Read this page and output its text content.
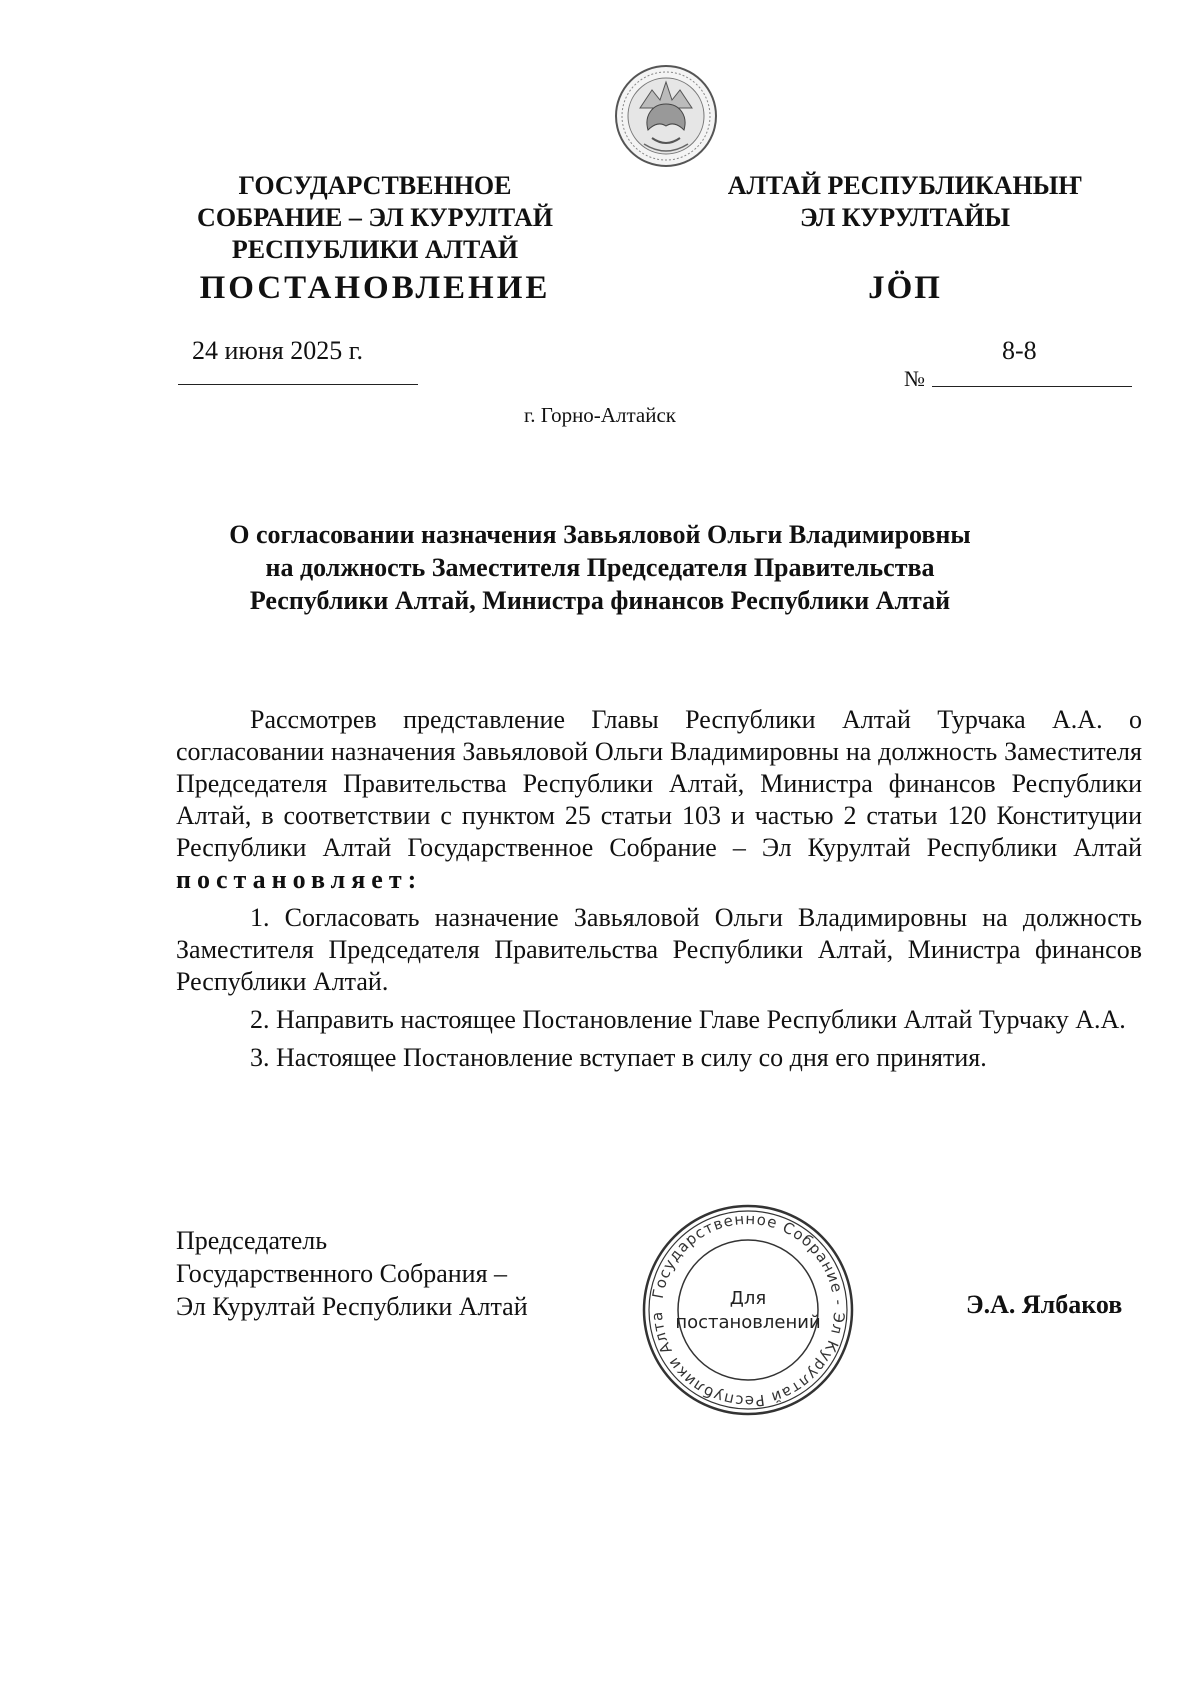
ГОСУДАРСТВЕННОЕ
СОБРАНИЕ – ЭЛ КУРУЛТАЙ
РЕСПУБЛИКИ АЛТАЙ
АЛТАЙ РЕСПУБЛИКАНЫҤ
ЭЛ КУРУЛТАЙЫ
ПОСТАНОВЛЕНИЕ	JӦП
24 июня 2025 г.
№
8-8
г. Горно-Алтайск
О согласовании назначения Завьяловой Ольги Владимировны
на должность Заместителя Председателя Правительства
Республики Алтай, Министра финансов Республики Алтай

Рассмотрев представление Главы Республики Алтай Турчака А.А. о согласовании назначения Завьяловой Ольги Владимировны на должность Заместителя Председателя Правительства Республики Алтай, Министра финансов Республики Алтай, в соответствии с пунктом 25 статьи 103 и частью 2 статьи 120 Конституции Республики Алтай Государственное Собрание – Эл Курултай Республики Алтай постановляет:

1. Согласовать назначение Завьяловой Ольги Владимировны на должность Заместителя Председателя Правительства Республики Алтай, Министра финансов Республики Алтай.

2. Направить настоящее Постановление Главе Республики Алтай Турчаку А.А.

3. Настоящее Постановление вступает в силу со дня его принятия.

Председатель
Государственного Собрания –
Эл Курултай Республики Алтай	Государственное Собрание - Эл Курултай Республики Алта
Для
постановлений
Э.А. Ялбаков
